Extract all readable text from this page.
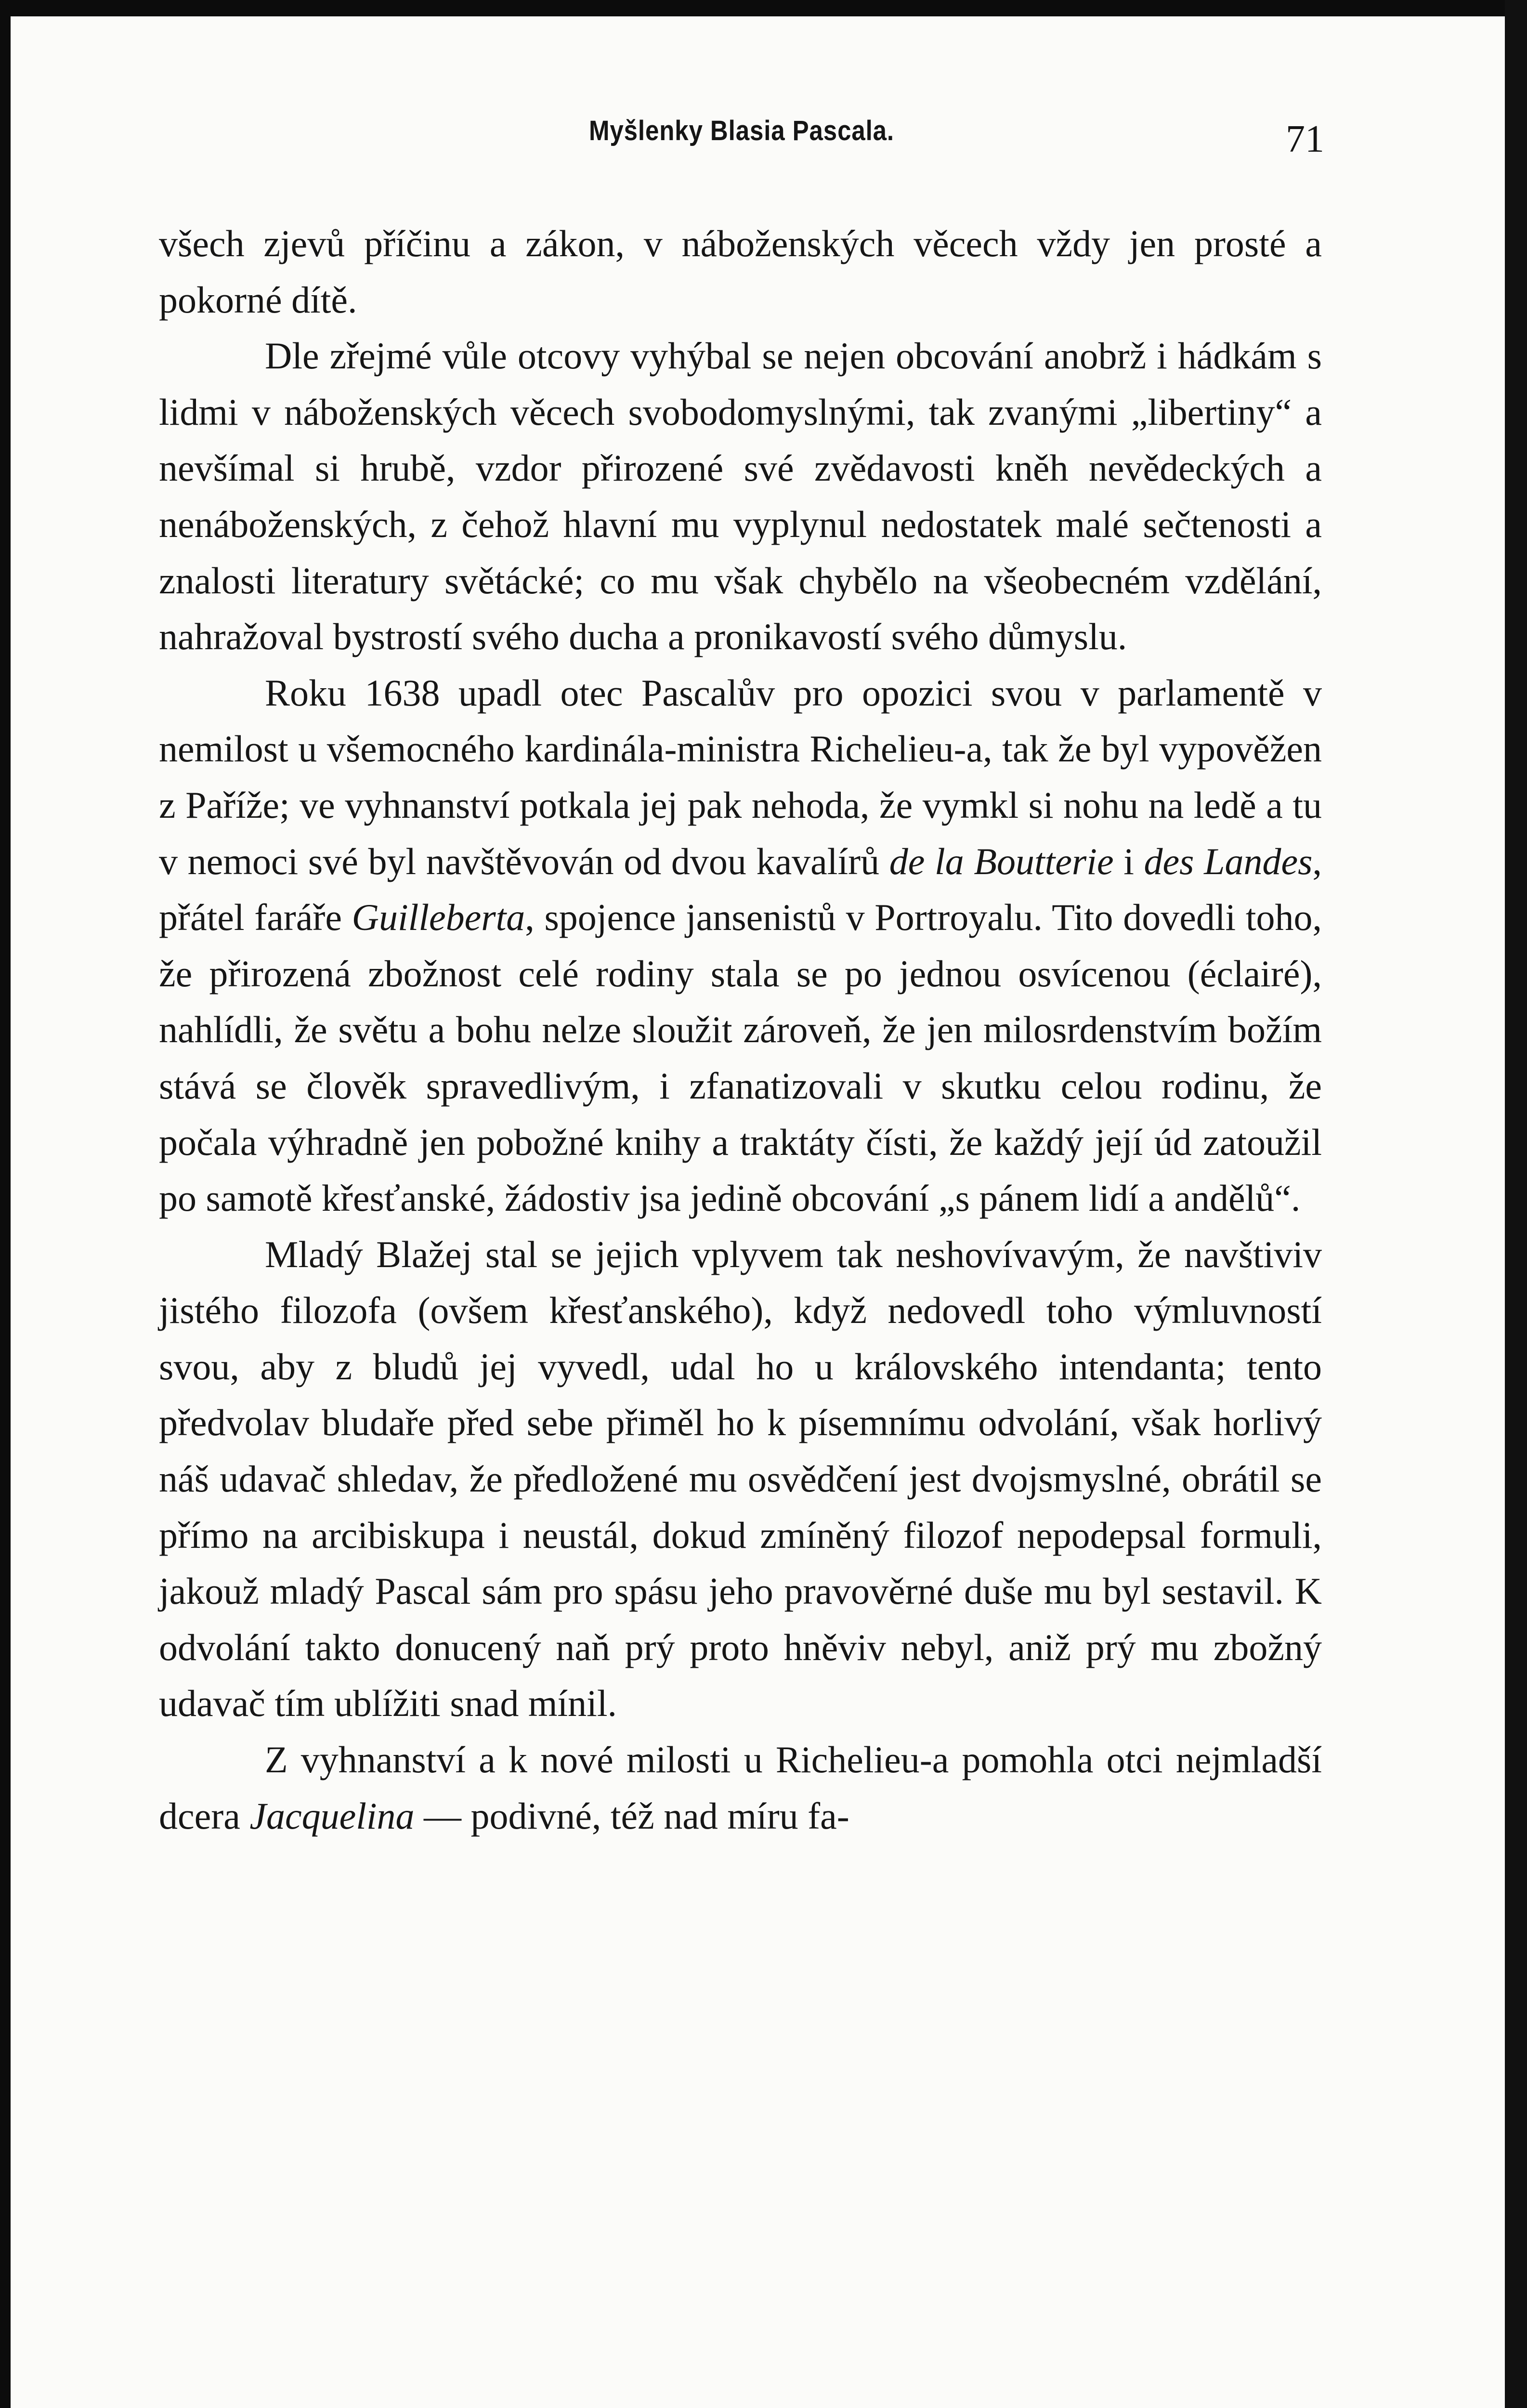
Myšlenky Blasia Pascala.	71

všech zjevů příčinu a zákon, v náboženských věcech vždy jen prosté a pokorné dítě.

Dle zřejmé vůle otcovy vyhýbal se nejen obcování anobrž i hádkám s lidmi v náboženských věcech svobodomyslnými, tak zvanými „libertiny“ a nevšímal si hrubě, vzdor přirozené své zvědavosti kněh nevědeckých a nenáboženských, z čehož hlavní mu vyplynul nedostatek malé sečtenosti a znalosti literatury světácké; co mu však chybělo na všeobecném vzdělání, nahražoval bystrostí svého ducha a pronikavostí svého důmyslu.

Roku 1638 upadl otec Pascalův pro opozici svou v parlamentě v nemilost u všemocného kardinála-ministra Richelieu-a, tak že byl vypověžen z Paříže; ve vyhnanství potkala jej pak nehoda, že vymkl si nohu na ledě a tu v nemoci své byl navštěvován od dvou kavalírů de la Boutterie i des Landes, přátel faráře Guilleberta, spojence jansenistů v Portroyalu. Tito dovedli toho, že přirozená zbožnost celé rodiny stala se po jednou osvícenou (éclairé), nahlídli, že světu a bohu nelze sloužit zároveň, že jen milosrdenstvím božím stává se člověk spravedlivým, i zfanatizovali v skutku celou rodinu, že počala výhradně jen pobožné knihy a traktáty čísti, že každý její úd zatoužil po samotě křesťanské, žádostiv jsa jedině obcování „s pánem lidí a andělů“.

Mladý Blažej stal se jejich vplyvem tak neshovívavým, že navštiviv jistého filozofa (ovšem křesťanského), když nedovedl toho výmluvností svou, aby z bludů jej vyvedl, udal ho u královského intendanta; tento předvolav bludaře před sebe přiměl ho k písemnímu odvolání, však horlivý náš udavač shledav, že předložené mu osvědčení jest dvojsmyslné, obrátil se přímo na arcibiskupa i neustál, dokud zmíněný filozof nepodepsal formuli, jakouž mladý Pascal sám pro spásu jeho pravověrné duše mu byl sestavil. K odvolání takto donucený naň prý proto hněviv nebyl, aniž prý mu zbožný udavač tím ublížiti snad mínil.

Z vyhnanství a k nové milosti u Richelieu-a pomohla otci nejmladší dcera Jacquelina — podivné, též nad míru fa-
